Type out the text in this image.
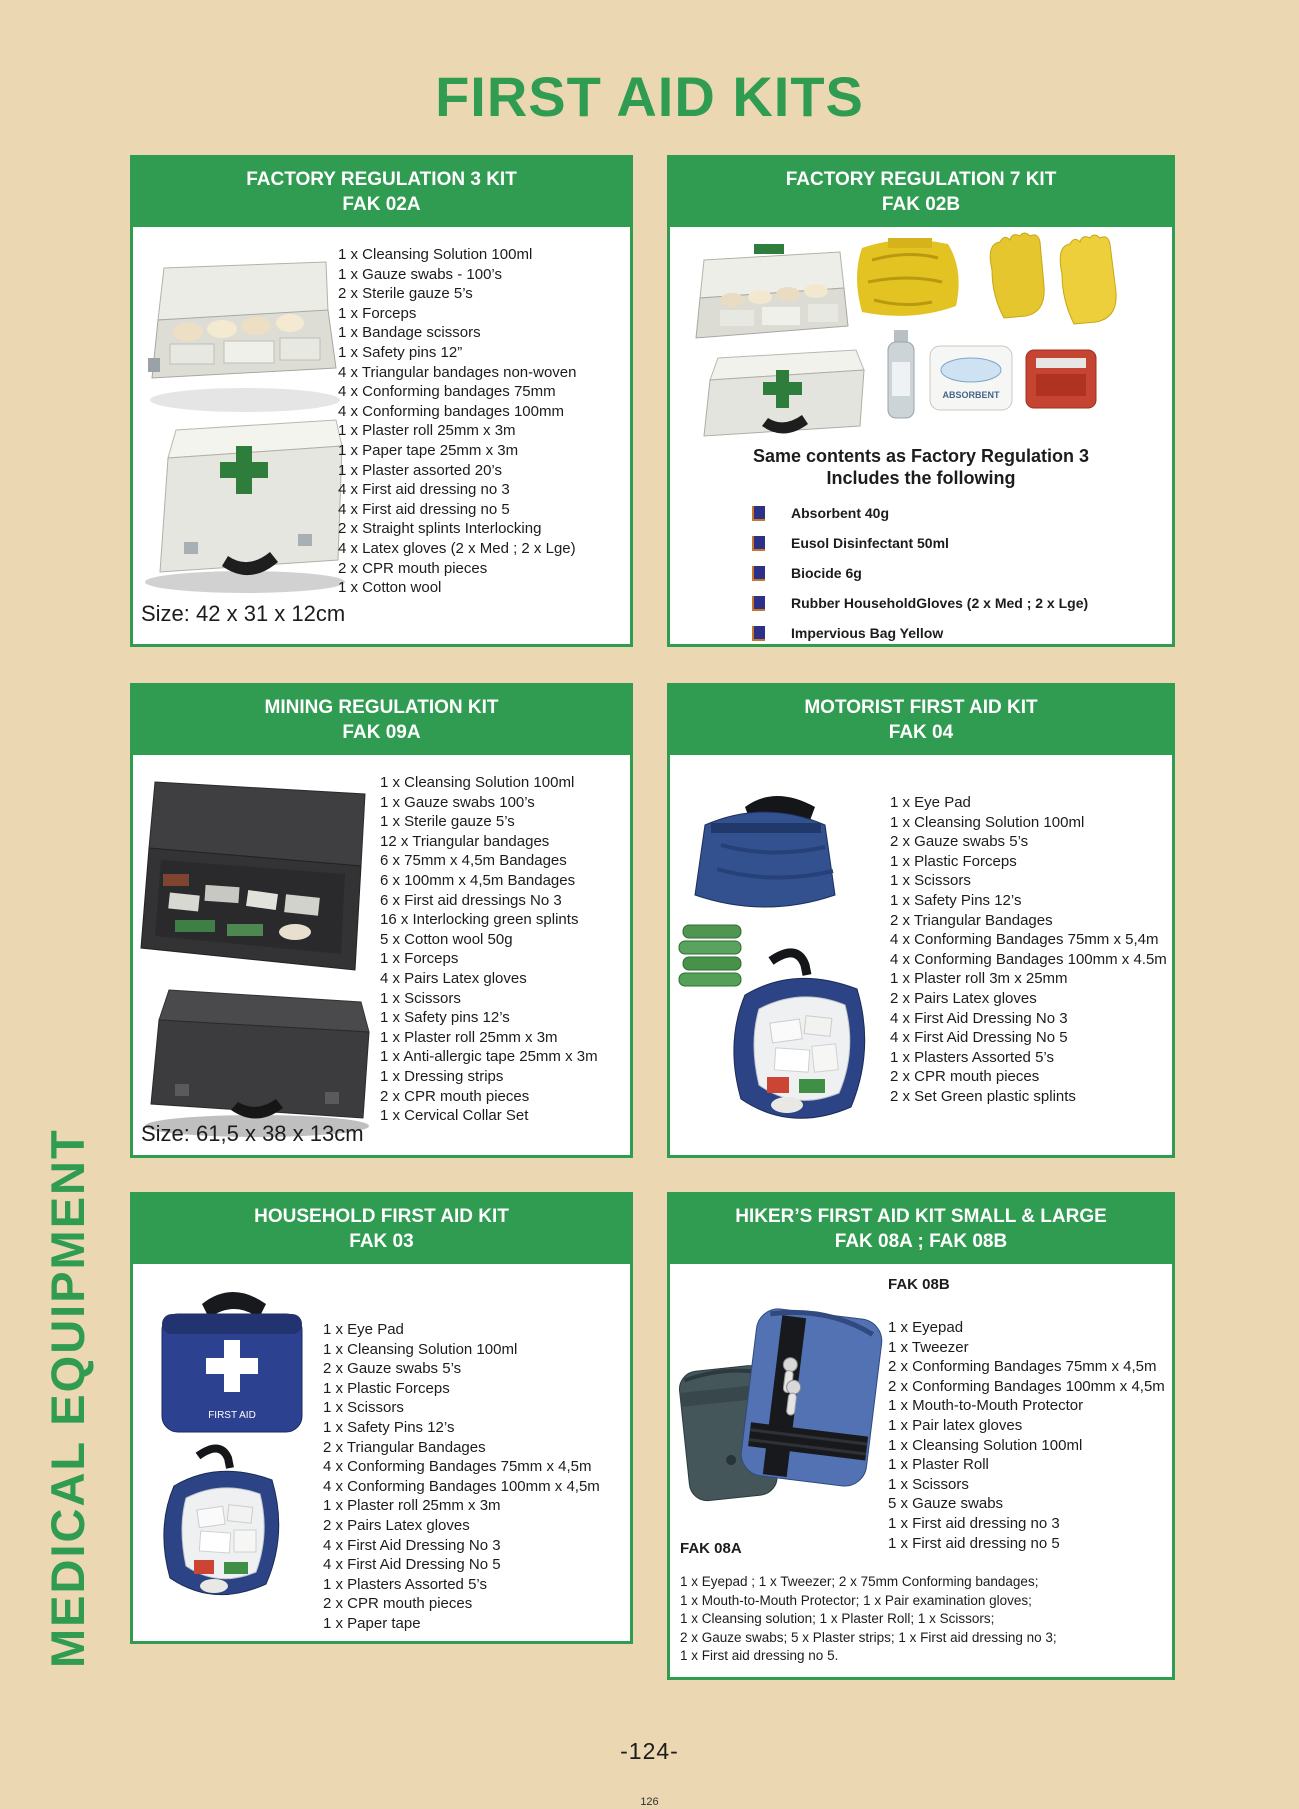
FIRST AID KITS
MEDICAL EQUIPMENT
FACTORY REGULATION 3 KIT
FAK 02A
1 x Cleansing Solution 100ml
1 x Gauze swabs - 100’s
2 x Sterile gauze 5’s
1 x Forceps
1 x Bandage scissors
1 x Safety pins 12”
4 x Triangular bandages non-woven
4 x Conforming bandages 75mm
4 x Conforming bandages 100mm
1 x Plaster roll 25mm x 3m
1 x Paper tape 25mm x 3m
1 x Plaster assorted 20’s
4 x First aid dressing no 3
4 x First aid dressing no 5
2 x Straight splints Interlocking
4 x Latex gloves (2 x Med ; 2 x Lge)
2 x CPR mouth pieces
1 x Cotton wool
Size: 42 x 31 x 12cm
FACTORY REGULATION 7 KIT
FAK 02B
ABSORBENT
Same contents as Factory Regulation 3
Includes the following
Absorbent 40g
Eusol Disinfectant 50ml
Biocide 6g
Rubber HouseholdGloves (2 x Med ; 2 x Lge)
Impervious Bag Yellow
MINING REGULATION KIT
FAK 09A
1 x Cleansing Solution 100ml
1 x Gauze swabs 100’s
1 x Sterile gauze 5’s
12 x Triangular bandages
6 x 75mm x 4,5m Bandages
6 x 100mm x 4,5m Bandages
6 x First aid dressings No 3
16 x Interlocking green splints
5 x Cotton wool 50g
1 x Forceps
4 x Pairs Latex gloves
1 x Scissors
1 x Safety pins 12’s
1 x Plaster roll 25mm x 3m
1 x Anti-allergic tape 25mm x 3m
1 x Dressing strips
2 x CPR mouth pieces
1 x Cervical Collar Set
Size: 61,5 x 38 x 13cm
MOTORIST FIRST AID KIT
FAK 04
1 x Eye Pad
1 x Cleansing Solution 100ml
2 x Gauze swabs 5’s
1 x Plastic Forceps
1 x Scissors
1 x Safety Pins 12’s
2 x Triangular Bandages
4 x Conforming Bandages 75mm x 5,4m
4 x Conforming Bandages 100mm x 4.5m
1 x Plaster roll 3m x 25mm
2 x Pairs Latex gloves
4 x First Aid Dressing No 3
4 x First Aid Dressing No 5
1 x Plasters Assorted 5’s
2 x CPR mouth pieces
2 x Set Green plastic splints
HOUSEHOLD FIRST AID KIT
FAK 03
FIRST AID
1 x Eye Pad
1 x Cleansing Solution 100ml
2 x Gauze swabs 5’s
1 x Plastic Forceps
1 x Scissors
1 x Safety Pins 12’s
2 x Triangular Bandages
4 x Conforming Bandages 75mm x 4,5m
4 x Conforming Bandages 100mm x 4,5m
1 x Plaster roll 25mm x 3m
2 x Pairs Latex gloves
4 x First Aid Dressing No 3
4 x First Aid Dressing No 5
1 x Plasters Assorted 5’s
2 x CPR mouth pieces
1 x Paper tape
HIKER’S FIRST AID KIT SMALL & LARGE
FAK 08A ; FAK 08B
FAK 08B
1 x Eyepad
1 x Tweezer
2 x Conforming Bandages 75mm x 4,5m
2 x Conforming Bandages 100mm x 4,5m
1 x Mouth-to-Mouth Protector
1 x Pair latex gloves
1 x Cleansing Solution 100ml
1 x Plaster Roll
1 x Scissors
5 x Gauze swabs
1 x First aid dressing no 3
1 x First aid dressing no 5
FAK 08A
1 x Eyepad ; 1 x Tweezer; 2 x 75mm Conforming bandages;
1 x Mouth-to-Mouth Protector; 1 x Pair examination gloves;
1 x Cleansing solution; 1 x Plaster Roll; 1 x Scissors;
2 x Gauze swabs; 5 x Plaster strips; 1 x First aid dressing no 3;
1 x First aid dressing no 5.
-124-
126
